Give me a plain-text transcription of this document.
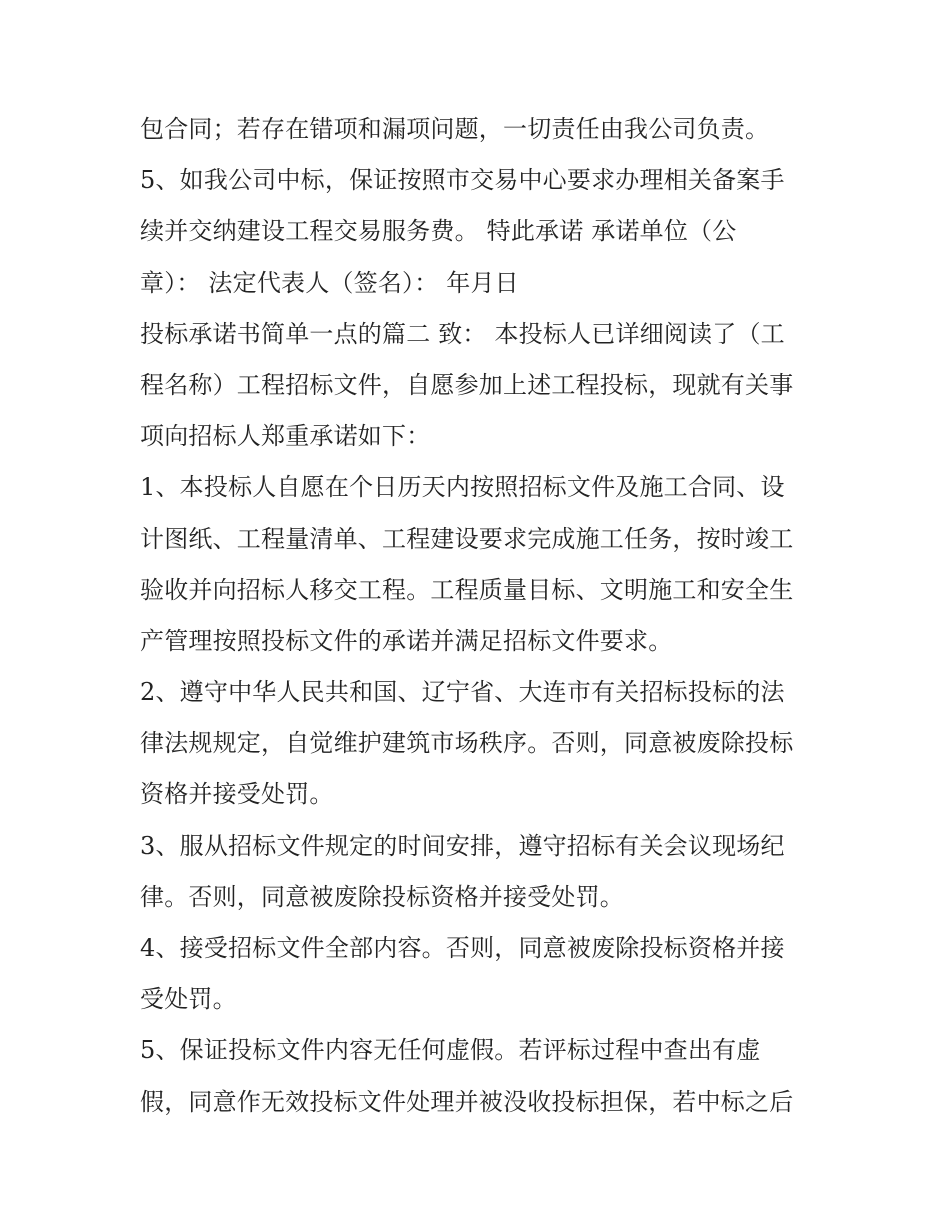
包合同；若存在错项和漏项问题，一切责任由我公司负责。
5、如我公司中标，保证按照市交易中心要求办理相关备案手
续并交纳建设工程交易服务费。 特此承诺 承诺单位（公
章）： 法定代表人（签名）： 年月日
投标承诺书简单一点的篇二 致： 本投标人已详细阅读了（工
程名称）工程招标文件，自愿参加上述工程投标，现就有关事
项向招标人郑重承诺如下：
1、本投标人自愿在个日历天内按照招标文件及施工合同、设
计图纸、工程量清单、工程建设要求完成施工任务，按时竣工
验收并向招标人移交工程。工程质量目标、文明施工和安全生
产管理按照投标文件的承诺并满足招标文件要求。
2、遵守中华人民共和国、辽宁省、大连市有关招标投标的法
律法规规定，自觉维护建筑市场秩序。否则，同意被废除投标
资格并接受处罚。
3、服从招标文件规定的时间安排，遵守招标有关会议现场纪
律。否则，同意被废除投标资格并接受处罚。
4、接受招标文件全部内容。否则，同意被废除投标资格并接
受处罚。
5、保证投标文件内容无任何虚假。若评标过程中查出有虚
假，同意作无效投标文件处理并被没收投标担保，若中标之后
